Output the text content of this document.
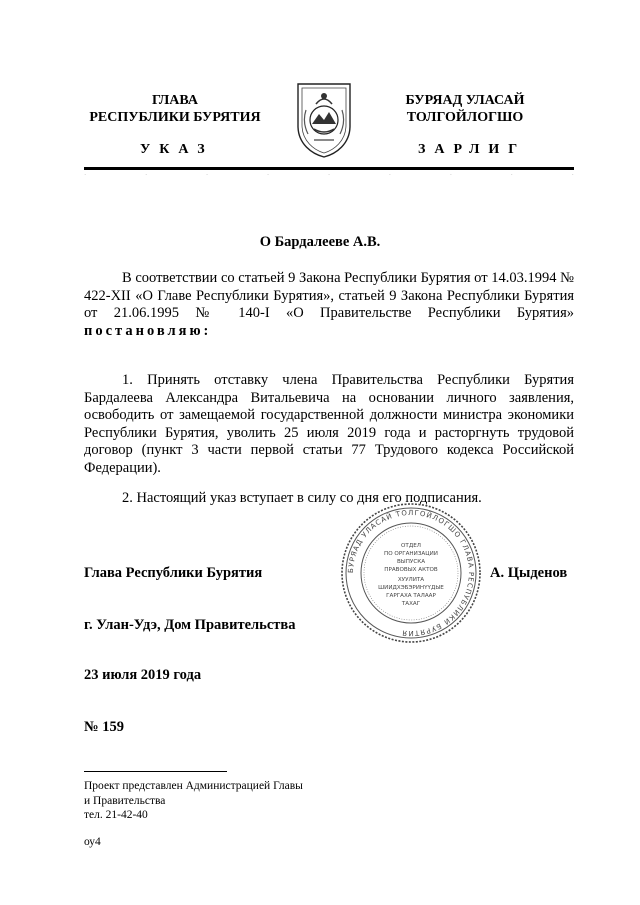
ГЛАВА
РЕСПУБЛИКИ БУРЯТИЯ
БУРЯАД УЛАСАЙ
ТОЛГОЙЛОГШО
УКАЗ	ЗАРЛИГ
·	·	·	·	·	·	·	·	·
О Бардалееве А.В.

В соответствии со статьей 9 Закона Республики Бурятия от 14.03.1994 № 422-XII «О Главе Республики Бурятия», статьей 9 Закона Республики Бурятия от 21.06.1995 № 140-I «О Правительстве Республики Бурятия» постановляю:

1. Принять отставку члена Правительства Республики Бурятия Бардалеева Александра Витальевича на основании личного заявления, освободить от замещаемой государственной должности министра экономики Республики Бурятия, уволить 25 июля 2019 года и расторгнуть трудовой договор (пункт 3 части первой статьи 77 Трудового кодекса Российской Федерации).

2. Настоящий указ вступает в силу со дня его подписания.

БУРЯАД УЛАСАЙ ТОЛГОЙЛОГШО ГЛАВА РЕСПУБЛИКИ БУРЯТИЯ
ОТДЕЛ
ПО ОРГАНИЗАЦИИ
ВЫПУСКА
ПРАВОВЫХ АКТОВ
ХУУЛИТА
ШИИДХЭБЭРИНҮҮДЫЕ
ГАРГАХА ТАЛААР
ТАХАГ
Глава Республики Бурятия	А. Цыденов
г. Улан-Удэ, Дом Правительства
23 июля 2019 года
№ 159
Проект представлен Администрацией Главы
и Правительства
тел. 21-42-40
оу4
